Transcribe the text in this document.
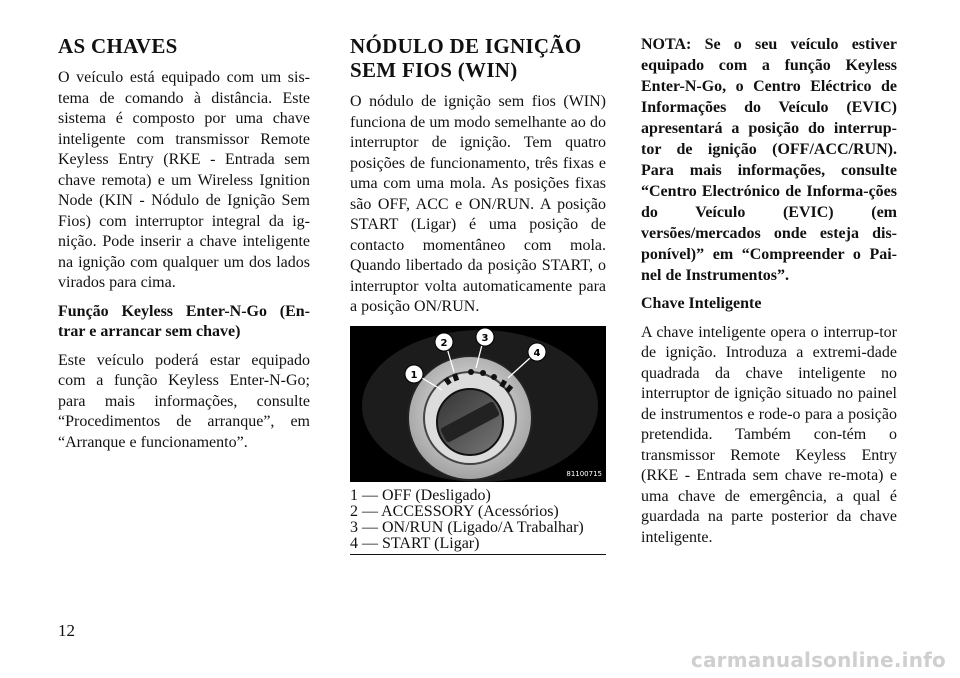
AS CHAVES

O veículo está equipado com um sis-tema de comando à distância. Este sistema é composto por uma chave inteligente com transmissor Remote Keyless Entry (RKE - Entrada sem chave remota) e um Wireless Ignition Node (KIN - Nódulo de Ignição Sem Fios) com interruptor integral da ig-nição. Pode inserir a chave inteligente na ignição com qualquer um dos lados virados para cima.

Função Keyless Enter-N-Go (En-trar e arrancar sem chave)

Este veículo poderá estar equipado com a função Keyless Enter-N-Go; para mais informações, consulte “Procedimentos de arranque”, em “Arranque e funcionamento”.

NÓDULO DE IGNIÇÃO SEM FIOS (WIN)

O nódulo de ignição sem fios (WIN) funciona de um modo semelhante ao do interruptor de ignição. Tem quatro posições de funcionamento, três fixas e uma com uma mola. As posições fixas são OFF, ACC e ON/RUN. A posição START (Ligar) é uma posição de contacto momentâneo com mola. Quando libertado da posição START, o interruptor volta automaticamente para a posição ON/RUN.

1
2	3
4
81100715
1 — OFF (Desligado)
2 — ACCESSORY (Acessórios)
3 — ON/RUN (Ligado/A Trabalhar)
4 — START (Ligar)

NOTA: Se o seu veículo estiver equipado com a função Keyless Enter-N-Go, o Centro Eléctrico de Informações do Veículo (EVIC) apresentará a posição do interrup-tor de ignição (OFF/ACC/RUN). Para mais informações, consulte “Centro Electrónico de Informa-ções do Veículo (EVIC) (em versões/mercados onde esteja dis-ponível)” em “Compreender o Pai-nel de Instrumentos”.

Chave Inteligente

A chave inteligente opera o interrup-tor de ignição. Introduza a extremi-dade quadrada da chave inteligente no interruptor de ignição situado no painel de instrumentos e rode-o para a posição pretendida. Também con-tém o transmissor Remote Keyless Entry (RKE - Entrada sem chave re-mota) e uma chave de emergência, a qual é guardada na parte posterior da chave inteligente.

12
carmanualsonline.info
